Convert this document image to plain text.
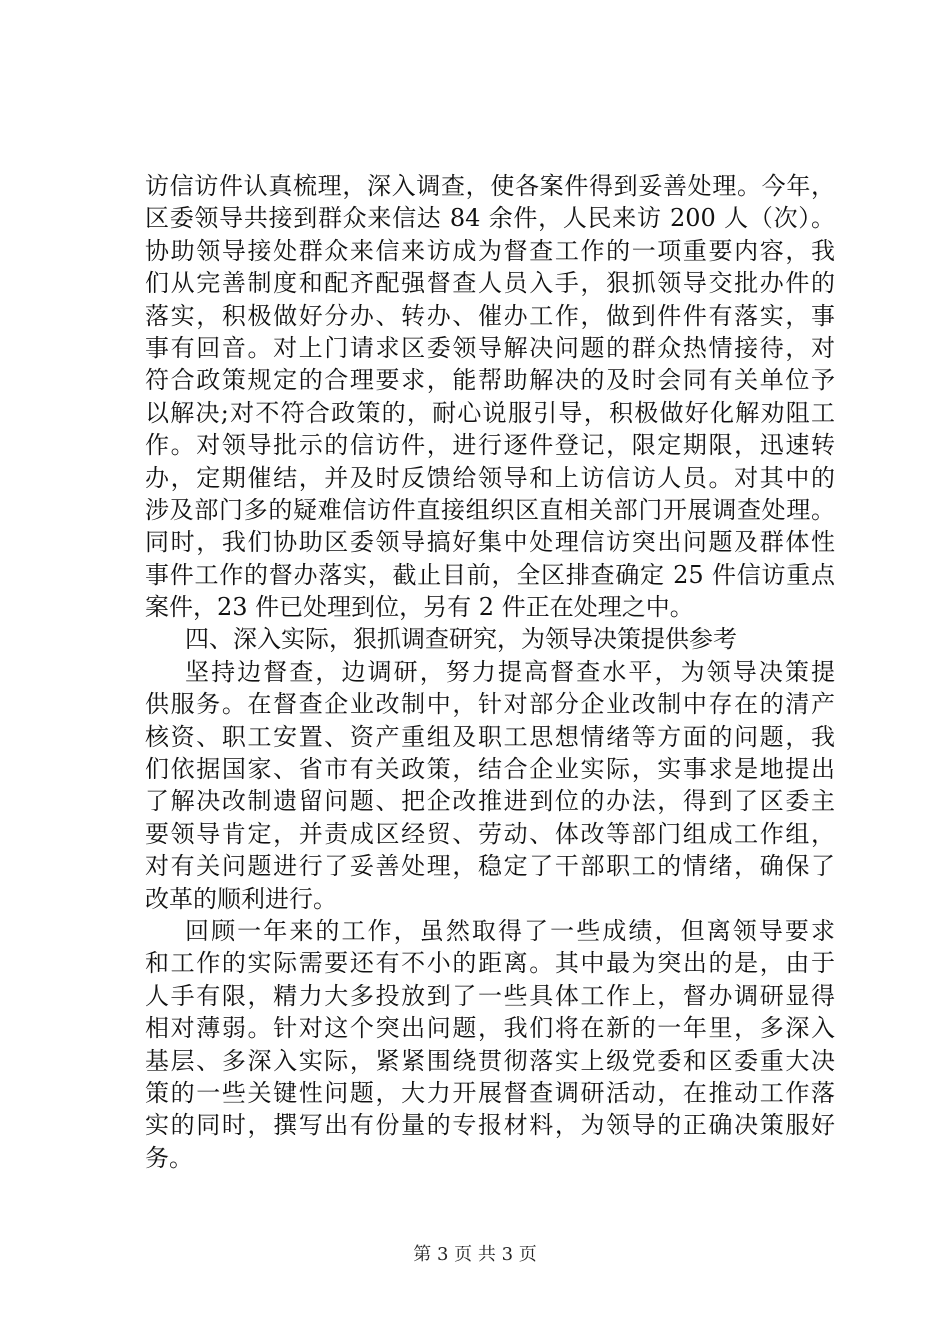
访信访件认真梳理，深入调查，使各案件得到妥善处理。今年，
区委领导共接到群众来信达 84 余件，人民来访 200 人（次）。
协助领导接处群众来信来访成为督查工作的一项重要内容，我
们从完善制度和配齐配强督查人员入手，狠抓领导交批办件的
落实，积极做好分办、转办、催办工作，做到件件有落实，事
事有回音。对上门请求区委领导解决问题的群众热情接待，对
符合政策规定的合理要求，能帮助解决的及时会同有关单位予
以解决;对不符合政策的，耐心说服引导，积极做好化解劝阻工
作。对领导批示的信访件，进行逐件登记，限定期限，迅速转
办，定期催结，并及时反馈给领导和上访信访人员。对其中的
涉及部门多的疑难信访件直接组织区直相关部门开展调查处理。
同时，我们协助区委领导搞好集中处理信访突出问题及群体性
事件工作的督办落实，截止目前，全区排查确定 25 件信访重点
案件，23 件已处理到位，另有 2 件正在处理之中。
四、深入实际，狠抓调查研究，为领导决策提供参考
坚持边督查，边调研，努力提高督查水平，为领导决策提
供服务。在督查企业改制中，针对部分企业改制中存在的清产
核资、职工安置、资产重组及职工思想情绪等方面的问题，我
们依据国家、省市有关政策，结合企业实际，实事求是地提出
了解决改制遗留问题、把企改推进到位的办法，得到了区委主
要领导肯定，并责成区经贸、劳动、体改等部门组成工作组，
对有关问题进行了妥善处理，稳定了干部职工的情绪，确保了
改革的顺利进行。
回顾一年来的工作，虽然取得了一些成绩，但离领导要求
和工作的实际需要还有不小的距离。其中最为突出的是，由于
人手有限，精力大多投放到了一些具体工作上，督办调研显得
相对薄弱。针对这个突出问题，我们将在新的一年里，多深入
基层、多深入实际，紧紧围绕贯彻落实上级党委和区委重大决
策的一些关键性问题，大力开展督查调研活动，在推动工作落
实的同时，撰写出有份量的专报材料，为领导的正确决策服好
务。
第 3 页 共 3 页
